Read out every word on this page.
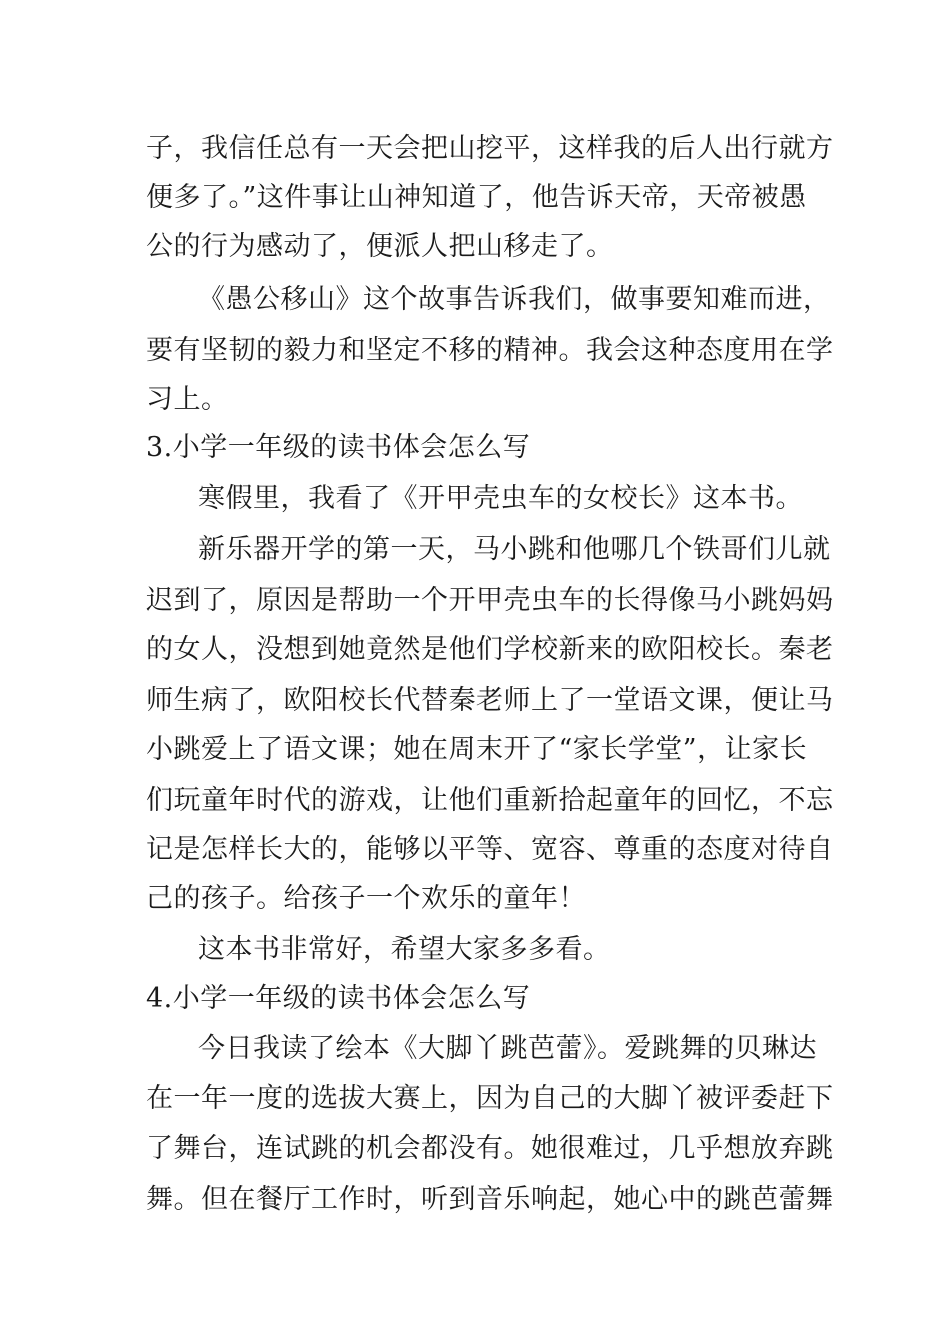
子，我信任总有一天会把山挖平，这样我的后人出行就方
便多了。”这件事让山神知道了，他告诉天帝，天帝被愚
公的行为感动了，便派人把山移走了。
《愚公移山》这个故事告诉我们，做事要知难而进，
要有坚韧的毅力和坚定不移的精神。我会这种态度用在学
习上。
3.小学一年级的读书体会怎么写
寒假里，我看了《开甲壳虫车的女校长》这本书。
新乐器开学的第一天，马小跳和他哪几个铁哥们儿就
迟到了，原因是帮助一个开甲壳虫车的长得像马小跳妈妈
的女人，没想到她竟然是他们学校新来的欧阳校长。秦老
师生病了，欧阳校长代替秦老师上了一堂语文课，便让马
小跳爱上了语文课；她在周末开了“家长学堂”，让家长
们玩童年时代的游戏，让他们重新拾起童年的回忆，不忘
记是怎样长大的，能够以平等、宽容、尊重的态度对待自
己的孩子。给孩子一个欢乐的童年！
这本书非常好，希望大家多多看。
4.小学一年级的读书体会怎么写
今日我读了绘本《大脚丫跳芭蕾》。爱跳舞的贝琳达
在一年一度的选拔大赛上，因为自己的大脚丫被评委赶下
了舞台，连试跳的机会都没有。她很难过，几乎想放弃跳
舞。但在餐厅工作时，听到音乐响起，她心中的跳芭蕾舞
